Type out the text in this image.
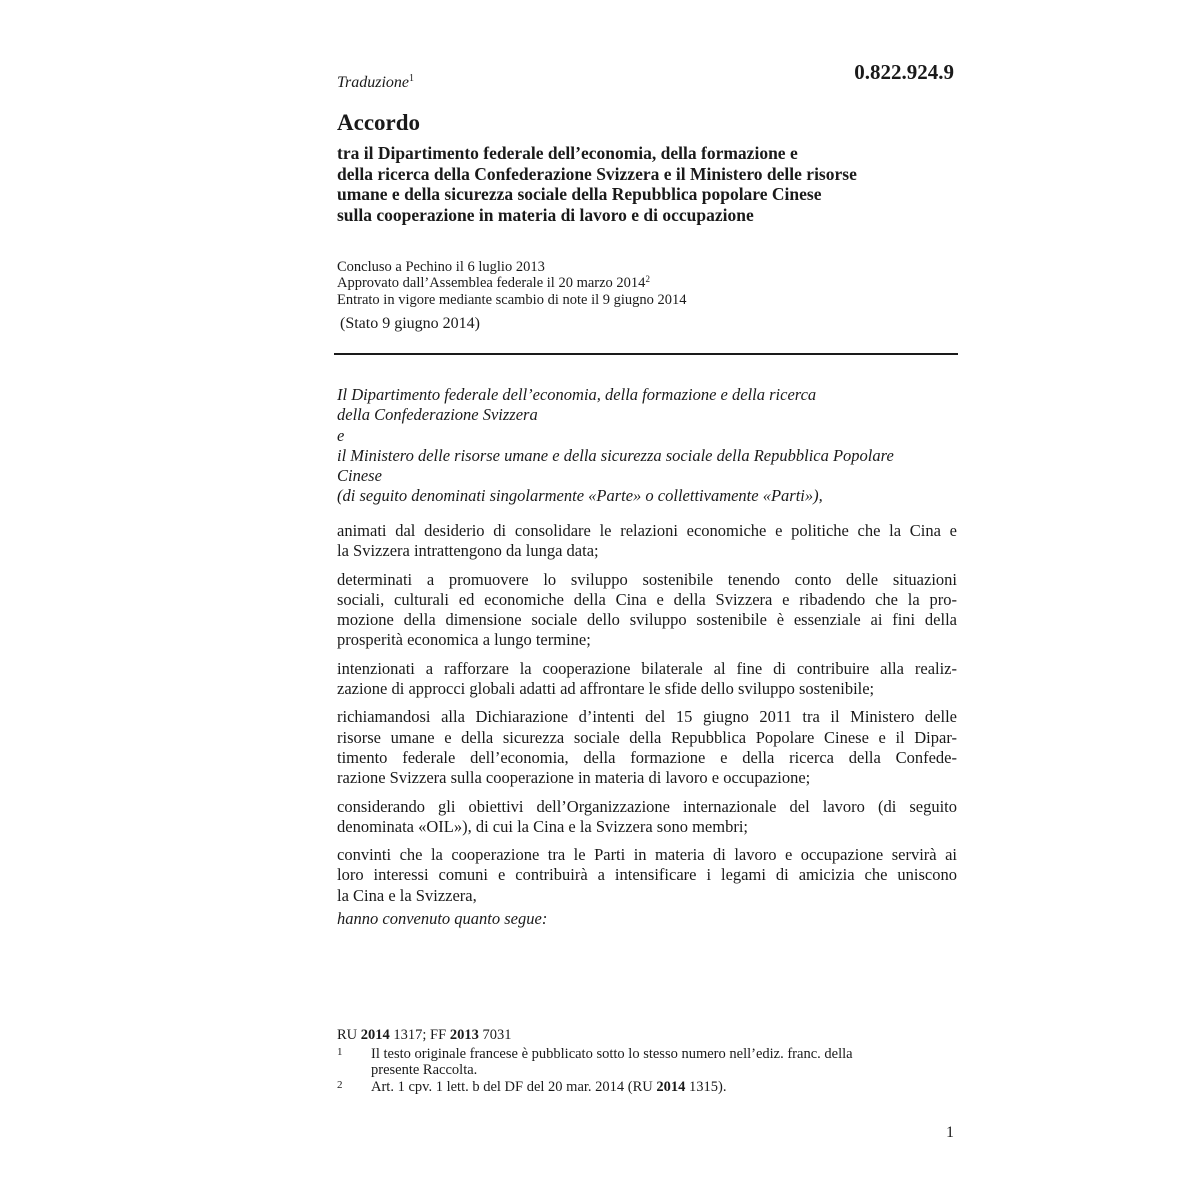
Traduzione$^1$	0.822.924.9

Accordo
tra il Dipartimento federale dell’economia, della formazione e
della ricerca della Confederazione Svizzera e il Ministero delle risorse
umane e della sicurezza sociale della Repubblica popolare Cinese
sulla cooperazione in materia di lavoro e di occupazione
Concluso a Pechino il 6 luglio 2013
Approvato dall’Assemblea federale il 20 marzo 2014$^2$
Entrato in vigore mediante scambio di note il 9 giugno 2014

(Stato 9 giugno 2014)

Il Dipartimento federale dell’economia, della formazione e della ricerca
della Confederazione Svizzera
e
il Ministero delle risorse umane e della sicurezza sociale della Repubblica Popolare
Cinese
(di seguito denominati singolarmente «Parte» o collettivamente «Parti»),
animati dal desiderio di consolidare le relazioni economiche e politiche che la Cina e
la Svizzera intrattengono da lunga data;
determinati a promuovere lo sviluppo sostenibile tenendo conto delle situazioni
sociali, culturali ed economiche della Cina e della Svizzera e ribadendo che la pro-
mozione della dimensione sociale dello sviluppo sostenibile è essenziale ai fini della
prosperità economica a lungo termine;
intenzionati a rafforzare la cooperazione bilaterale al fine di contribuire alla realiz-
zazione di approcci globali adatti ad affrontare le sfide dello sviluppo sostenibile;
richiamandosi alla Dichiarazione d’intenti del 15 giugno 2011 tra il Ministero delle
risorse umane e della sicurezza sociale della Repubblica Popolare Cinese e il Dipar-
timento federale dell’economia, della formazione e della ricerca della Confede-
razione Svizzera sulla cooperazione in materia di lavoro e occupazione;
considerando gli obiettivi dell’Organizzazione internazionale del lavoro (di seguito
denominata «OIL»), di cui la Cina e la Svizzera sono membri;
convinti che la cooperazione tra le Parti in materia di lavoro e occupazione servirà ai
loro interessi comuni e contribuirà a intensificare i legami di amicizia che uniscono
la Cina e la Svizzera,

hanno convenuto quanto segue:

RU 2014 1317; FF 2013 7031

1	Il testo originale francese è pubblicato sotto lo stesso numero nell’ediz. franc. della
presente Raccolta.
2	Art. 1 cpv. 1 lett. b del DF del 20 mar. 2014 (RU 2014 1315).

1
